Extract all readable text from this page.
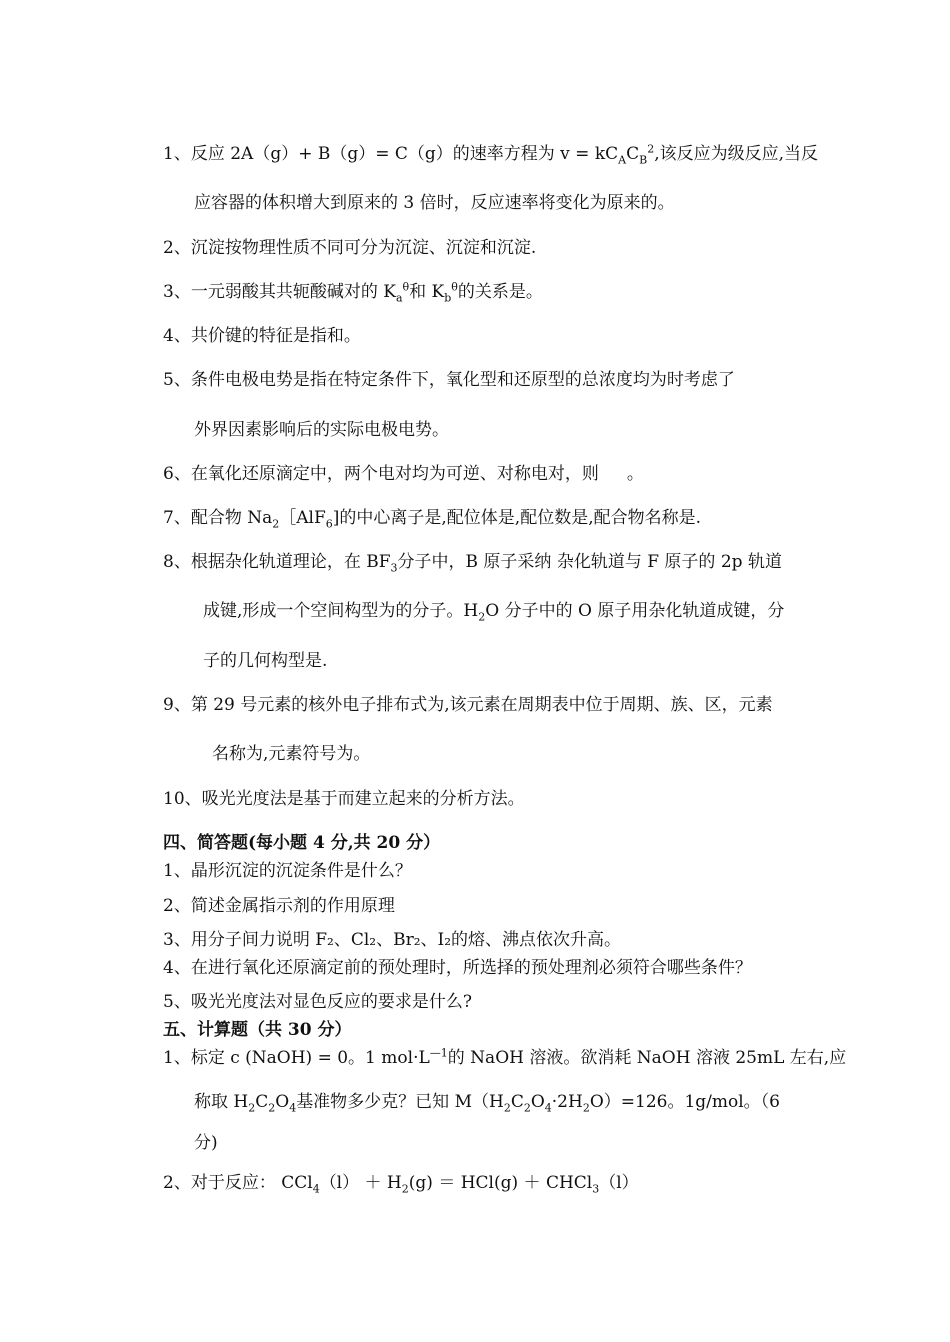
1、反应 2A（g）+ B（g）= C（g）的速率方程为 $v = kC_AC_B^2$,该反应为级反应,当反
应容器的体积增大到原来的 3 倍时，反应速率将变化为原来的。
2、沉淀按物理性质不同可分为沉淀、沉淀和沉淀.
3、一元弱酸其共轭酸碱对的 $K_a^\theta$和 $K_b^\theta$的关系是。
4、共价键的特征是指和。
5、条件电极电势是指在特定条件下，氧化型和还原型的总浓度均为时考虑了
外界因素影响后的实际电极电势。
6、在氧化还原滴定中，两个电对均为可逆、对称电对，则 。
7、配合物 $Na_2[AlF_6$]的中心离子是,配位体是,配位数是,配合物名称是.
8、根据杂化轨道理论，在 $BF_3$分子中，B 原子采纳 杂化轨道与 F 原子的 2p 轨道
成键,形成一个空间构型为的分子。$H_2O$ 分子中的 O 原子用杂化轨道成键，分
子的几何构型是.
9、第 29 号元素的核外电子排布式为,该元素在周期表中位于周期、族、区，元素
名称为,元素符号为。
10、吸光光度法是基于而建立起来的分析方法。
四、简答题(每小题 4 分,共 20 分）
1、晶形沉淀的沉淀条件是什么？
2、简述金属指示剂的作用原理
3、用分子间力说明 F₂、Cl₂、Br₂、I₂的熔、沸点依次升高。
4、在进行氧化还原滴定前的预处理时，所选择的预处理剂必须符合哪些条件？
5、吸光光度法对显色反应的要求是什么?
五、计算题（共 30 分）
1、标定 c (NaOH) = 0。1 $mol\cdot L^{—1}$的 NaOH 溶液。欲消耗 NaOH 溶液 25mL 左右,应
称取 $H_2C_2O_4$基准物多少克？已知 $M(H_2C_2O_4\cdot 2H_2O)=126$。1g/mol。（6
分)
2、对于反应： $CCl_4(l) + H_2(g) = HCl(g)$ ＋ CHCl$_3$（l）
